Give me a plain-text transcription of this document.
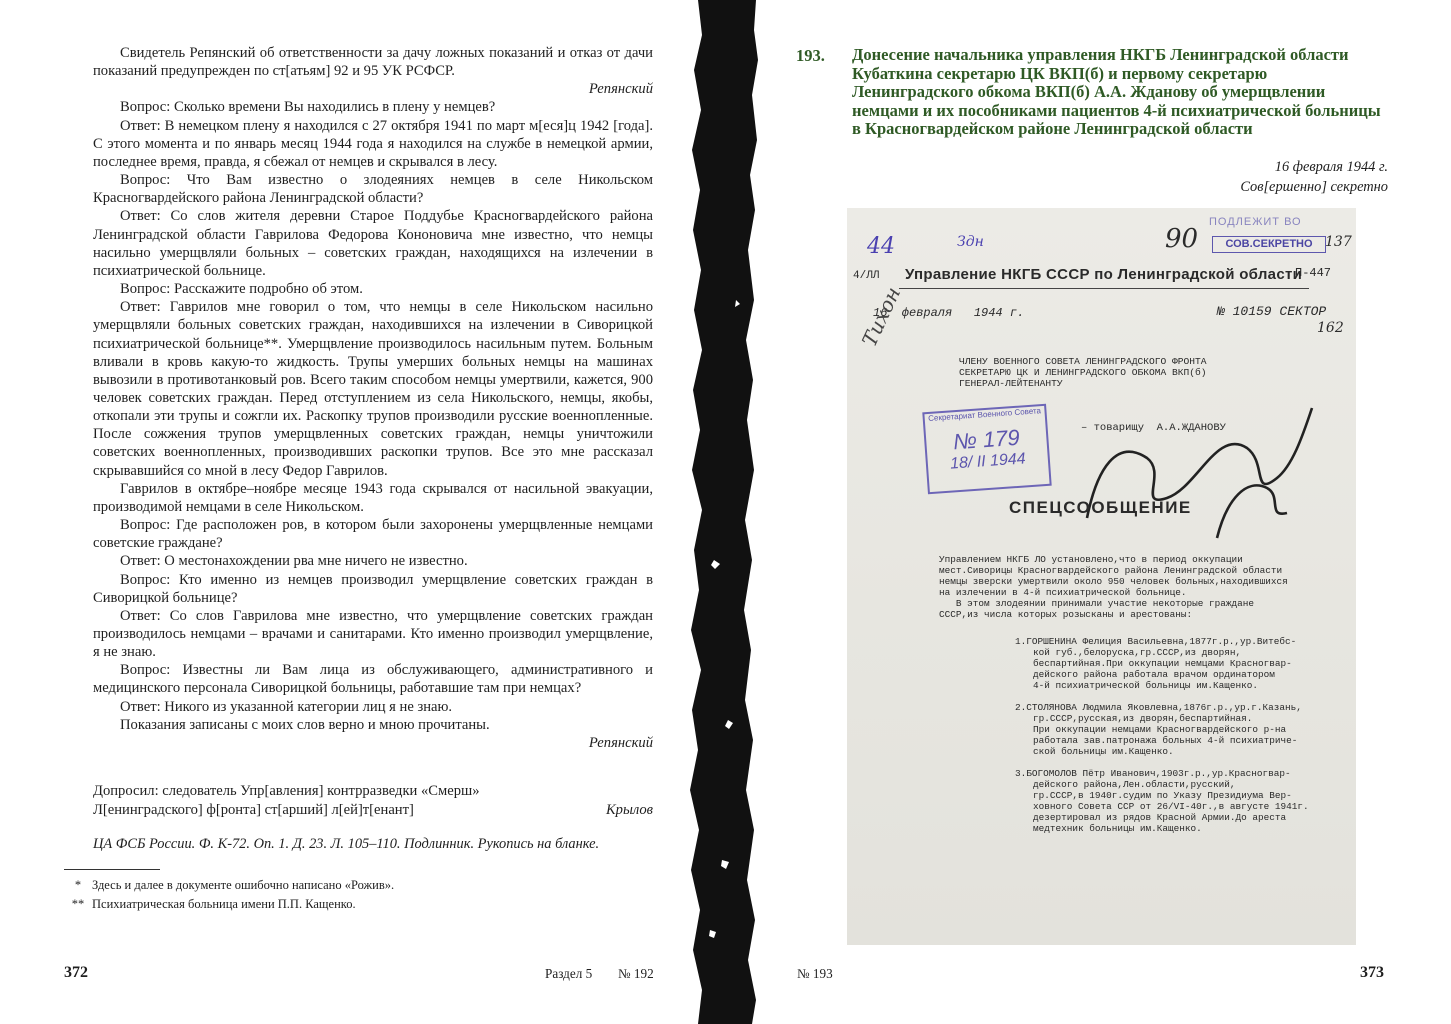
Свидетель Репянский об ответственности за дачу ложных показаний и отказ от дачи показаний предупрежден по ст[атьям] 92 и 95 УК РСФСР.

Репянский

Вопрос: Сколько времени Вы находились в плену у немцев?

Ответ: В немецком плену я находился с 27 октября 1941 по март м[еся]ц 1942 [года]. С этого момента и по январь месяц 1944 года я находился на службе в немецкой армии, последнее время, правда, я сбежал от немцев и скрывался в лесу.

Вопрос: Что Вам известно о злодеяниях немцев в селе Никольском Красногвардейского района Ленинградской области?

Ответ: Со слов жителя деревни Старое Поддубье Красногвардейского района Ленинградской области Гаврилова Федорова Кононовича мне известно, что немцы насильно умерщвляли больных – советских граждан, находящихся на излечении в психиатрической больнице.

Вопрос: Расскажите подробно об этом.

Ответ: Гаврилов мне говорил о том, что немцы в селе Никольском насильно умерщвляли больных советских граждан, находившихся на излечении в Сиворицкой психиатрической больнице**. Умерщвление производилось насильным путем. Больным вливали в кровь какую-то жидкость. Трупы умерших больных немцы на машинах вывозили в противотанковый ров. Всего таким способом немцы умертвили, кажется, 900 человек советских граждан. Перед отступлением из села Никольского, немцы, якобы, откопали эти трупы и сожгли их. Раскопку трупов производили русские военнопленные. После сожжения трупов умерщвленных советских граждан, немцы уничтожили советских военнопленных, производивших раскопки трупов. Все это мне рассказал скрывавшийся со мной в лесу Федор Гаврилов.

Гаврилов в октябре–ноябре месяце 1943 года скрывался от насильной эвакуации, производимой немцами в селе Никольском.

Вопрос: Где расположен ров, в котором были захоронены умерщвленные немцами советские граждане?

Ответ: О местонахождении рва мне ничего не известно.

Вопрос: Кто именно из немцев производил умерщвление советских граждан в Сиворицкой больнице?

Ответ: Со слов Гаврилова мне известно, что умерщвление советских граждан производилось немцами – врачами и санитарами. Кто именно производил умерщвление, я не знаю.

Вопрос: Известны ли Вам лица из обслуживающего, административного и медицинского персонала Сиворицкой больницы, работавшие там при немцах?

Ответ: Никого из указанной категории лиц я не знаю.

Показания записаны с моих слов верно и мною прочитаны.

Репянский

Допросил: следователь Упр[авления] контрразведки «Смерш»
Л[енинградского] ф[ронта] ст[арший] л[ей]т[енант]	Крылов
ЦА ФСБ России. Ф. К-72. Оп. 1. Д. 23. Л. 105–110. Подлинник. Рукопись на бланке.
* Здесь и далее в документе ошибочно написано «Рожив».
** Психиатрическая больница имени П.П. Кащенко.
372	Раздел 5 № 192
193. Донесение начальника управления НКГБ Ленинградской области Кубаткина секретарю ЦК ВКП(б) и первому секретарю Ленинградского обкома ВКП(б) А.А. Жданову об умерщвлении немцами и их пособниками пациентов 4-й психиатрической больницы в Красногвардейском районе Ленинградской области

16 февраля 1944 г.
Сов[ершенно] секретно
ПОДЛЕЖИТ ВО
СОВ.СЕКРЕТНО 137
90
44	Здн
4/ЛЛ Управление НКГБ СССР по Ленинградской области
П-447
16  февраля   1944 г.	№ 10159 СЕКТОР
162
ЧЛЕНУ ВОЕННОГО СОВЕТА ЛЕНИНГРАДСКОГО ФРОНТА
СЕКРЕТАРЮ ЦК И ЛЕНИНГРАДСКОГО ОБКОМА ВКП(б)
ГЕНЕРАЛ-ЛЕЙТЕНАНТУ
– товарищу  А.А.ЖДАНОВУ
Тихон
Секретариат Военного Совета
№ 179
18/ II 1944
СПЕЦСООБЩЕНИЕ
Управлением НКГБ ЛО установлено,что в период оккупации
мест.Сиворицы Красногвардейского района Ленинградской области
немцы зверски умертвили около 950 человек больных,находившихся
на излечении в 4-й психиатрической больнице.
В этом злодеянии принимали участие некоторые граждане
СССР,из числа которых розысканы и арестованы:
1.ГОРШЕНИНА Фелиция Васильевна,1877г.р.,ур.Витебс-
кой губ.,белоруска,гр.СССР,из дворян,
беспартийная.При оккупации немцами Красногвар-
дейского района работала врачом ординатором
4-й психиатрической больницы им.Кащенко.
2.СТОЛЯНОВА Людмила Яковлевна,1876г.р.,ур.г.Казань,
гр.СССР,русская,из дворян,беспартийная.
При оккупации немцами Красногвардейского р-на
работала зав.патронажа больных 4-й психиатриче-
ской больницы им.Кащенко.
3.БОГОМОЛОВ Пётр Иванович,1903г.р.,ур.Красногвар-
дейского района,Лен.области,русский,
гр.СССР,в 1940г.судим по Указу Президиума Вер-
ховного Совета ССР от 26/VI-40г.,в августе 1941г.
дезертировал из рядов Красной Армии.До ареста
медтехник больницы им.Кащенко.
№ 193	373
